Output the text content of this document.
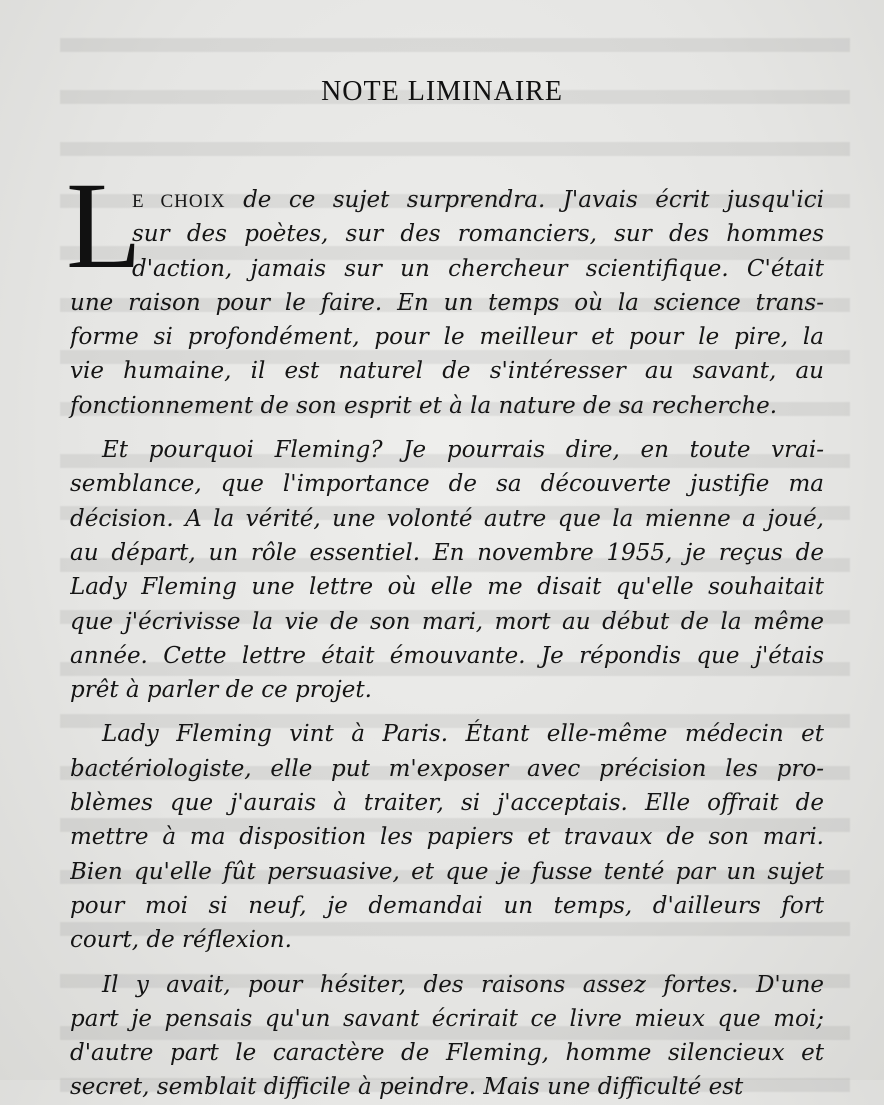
NOTE LIMINAIRE
L
E CHOIX de ce sujet surprendra. J'avais écrit jusqu'ici
sur des poètes, sur des romanciers, sur des hommes
d'action, jamais sur un chercheur scientifique. C'était
une raison pour le faire. En un temps où la science trans-
forme si profondément, pour le meilleur et pour le pire, la
vie humaine, il est naturel de s'intéresser au savant, au
fonctionnement de son esprit et à la nature de sa recherche.
Et pourquoi Fleming? Je pourrais dire, en toute vrai-
semblance, que l'importance de sa découverte justifie ma
décision. A la vérité, une volonté autre que la mienne a joué,
au départ, un rôle essentiel. En novembre 1955, je reçus de
Lady Fleming une lettre où elle me disait qu'elle souhaitait
que j'écrivisse la vie de son mari, mort au début de la même
année. Cette lettre était émouvante. Je répondis que j'étais
prêt à parler de ce projet.
Lady Fleming vint à Paris. Étant elle-même médecin et
bactériologiste, elle put m'exposer avec précision les pro-
blèmes que j'aurais à traiter, si j'acceptais. Elle offrait de
mettre à ma disposition les papiers et travaux de son mari.
Bien qu'elle fût persuasive, et que je fusse tenté par un sujet
pour moi si neuf, je demandai un temps, d'ailleurs fort
court, de réflexion.
Il y avait, pour hésiter, des raisons assez fortes. D'une
part je pensais qu'un savant écrirait ce livre mieux que moi;
d'autre part le caractère de Fleming, homme silencieux et
secret, semblait difficile à peindre. Mais une difficulté est
